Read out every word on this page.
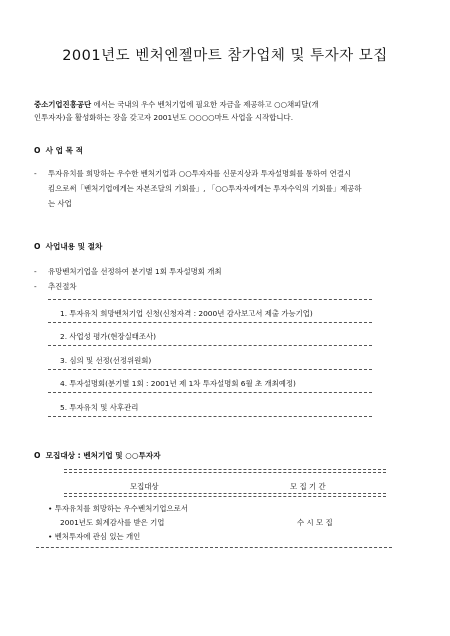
2001년도 벤처엔젤마트 참가업체 및 투자자 모집
중소기업진흥공단 에서는 국내의 우수 벤처기업에 필요한 자금을 제공하고 ○○채피달(개
인투자자)을 활성화하는 장을 갖고자 2001년도 ○○○○마트 사업을 시작합니다.
O 사 업 목 적
-	투자유치를 희망하는 우수한 벤처기업과 ○○투자자를 신문지상과 투자설명회를 통하여 연결시
킴으로써「벤처기업에게는 자본조달의 기회를」, 「○○투자자에게는 투자수익의 기회를」제공하
는 사업
O 사업내용 및 절차
-	유망벤처기업을 선정하여 분기별 1회 투자설명회 개최
-	추진절차
1. 투자유치 희망벤처기업 신청(신청자격 : 2000년 감사보고서 제출 가능기업)
2. 사업성 평가(현장실태조사)
3. 심의 및 선정(선정위원회)
4. 투자설명회(분기별 1회 : 2001년 제 1차 투자설명회 6월 초 개최예정)
5. 투자유치 및 사후관리
O 모집대상 : 벤처기업 및 ○○투자자
모집대상	모 집 기 간
• 투자유치를 희망하는 우수벤처기업으로서
2001년도 회계감사를 받은 기업	수 시 모 집
• 벤처투자에 관심 있는 개인
